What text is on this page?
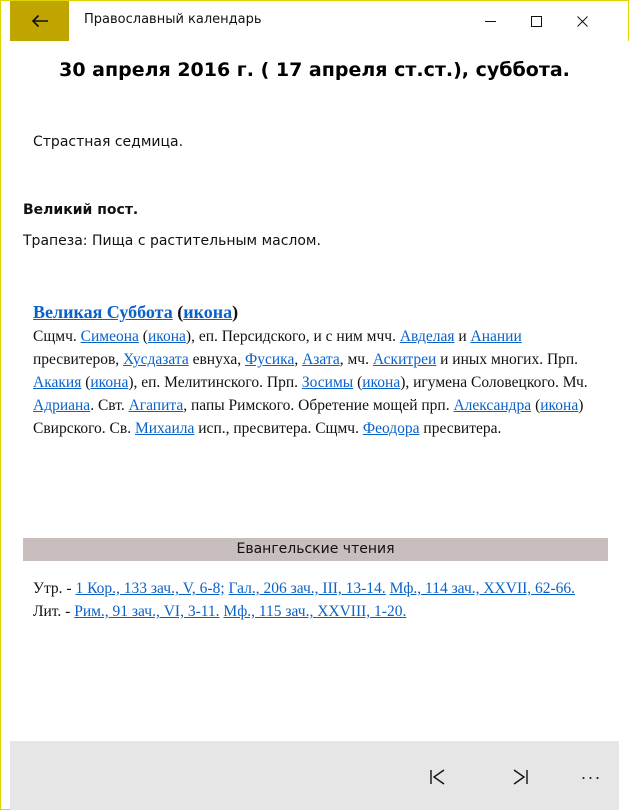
Православный календарь
30 апреля 2016 г. ( 17 апреля ст.ст.), суббота.
Страстная седмица.
Великий пост.
Трапеза: Пища с растительным маслом.
Великая Суббота (икона)
Сщмч. Симеона (икона), еп. Персидского, и с ним мчч. Авделая и Анании пресвитеров, Хусдазата евнуха, Фусика, Азата, мч. Аскитреи и иных многих. Прп. Акакия (икона), еп. Мелитинского. Прп. Зосимы (икона), игумена Соловецкого. Мч. Адриана. Свт. Агапита, папы Римского. Обретение мощей прп. Александра (икона) Свирского. Св. Михаила исп., пресвитера. Сщмч. Феодора пресвитера.
Евангельские чтения
Утр. - 1 Кор., 133 зач., V, 6-8; Гал., 206 зач., III, 13-14. Мф., 114 зач., XXVII, 62-66. Лит. - Рим., 91 зач., VI, 3-11. Мф., 115 зач., XXVIII, 1-20.
···
